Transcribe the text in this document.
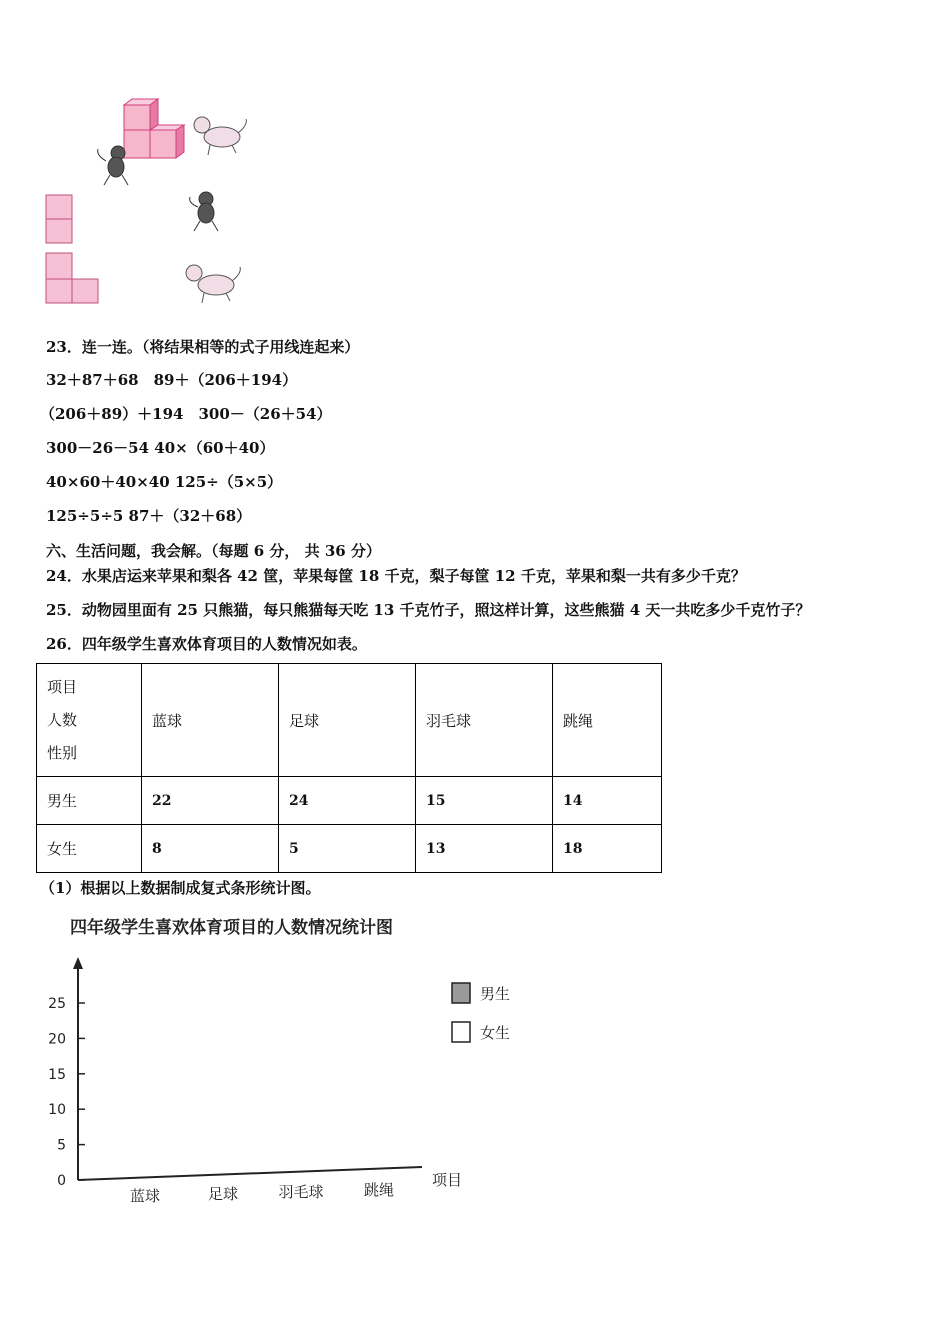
23．连一连。（将结果相等的式子用线连起来）
32＋87＋68　89＋（206＋194）
（206＋89）＋194　300－（26＋54）
300－26－54 40×（60＋40）
40×60＋40×40 125÷（5×5）
125÷5÷5 87＋（32＋68）
六、生活问题，我会解。（每题 6 分， 共 36 分）
24．水果店运来苹果和梨各 42 筐，苹果每筐 18 千克，梨子每筐 12 千克，苹果和梨一共有多少千克？
25．动物园里面有 25 只熊猫，每只熊猫每天吃 13 千克竹子，照这样计算，这些熊猫 4 天一共吃多少千克竹子？
26．四年级学生喜欢体育项目的人数情况如表。
项目
人数
性别	蓝球	足球	羽毛球	跳绳
男生	22	24	15	14
女生	8	5	13	18
（1）根据以上数据制成复式条形统计图。
四年级学生喜欢体育项目的人数情况统计图
0
5
10
15
20
25
蓝球	足球	羽毛球	跳绳
项目
男生
女生
